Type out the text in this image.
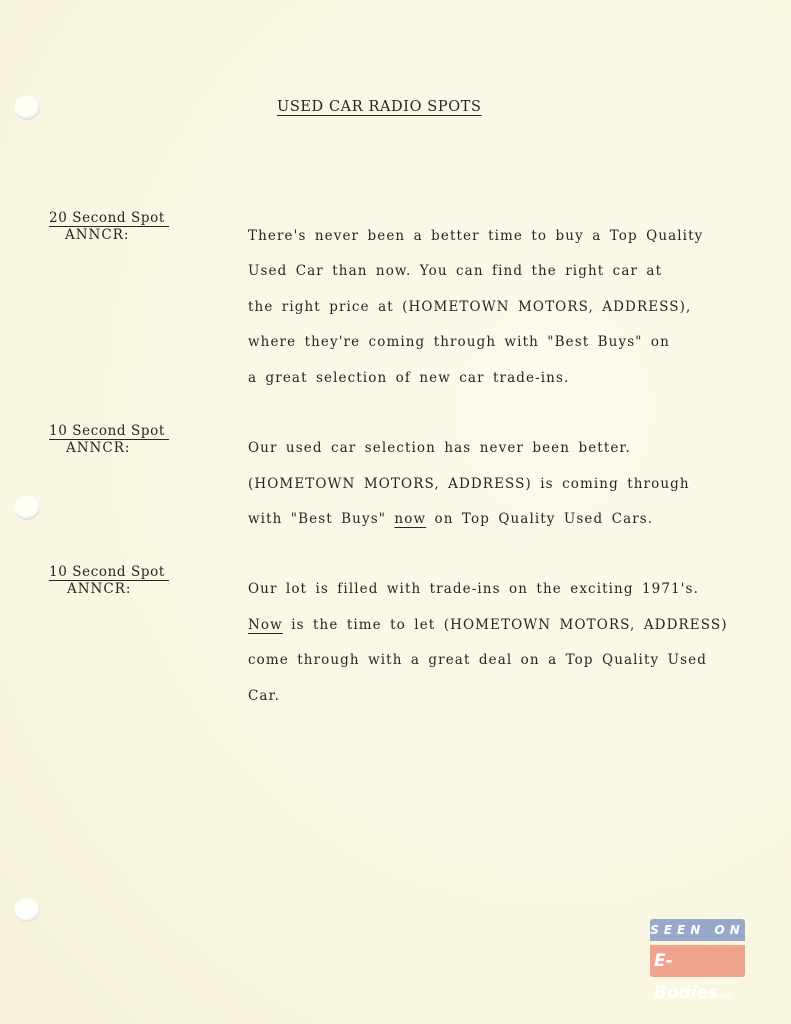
USED CAR RADIO SPOTS
20 Second Spot
ANNCR:	There's never been a better time to buy a Top Quality
Used Car than now. You can find the right car at
the right price at (HOMETOWN MOTORS, ADDRESS),
where they're coming through with "Best Buys" on
a great selection of new car trade-ins.
10 Second Spot
ANNCR:	Our used car selection has never been better.
(HOMETOWN MOTORS, ADDRESS) is coming through
with "Best Buys" now on Top Quality Used Cars.
10 Second Spot
ANNCR:	Our lot is filled with trade-ins on the exciting 1971's.
Now is the time to let (HOMETOWN MOTORS, ADDRESS)
come through with a great deal on a Top Quality Used
Car.
SEEN ON
E-Bodies.org
